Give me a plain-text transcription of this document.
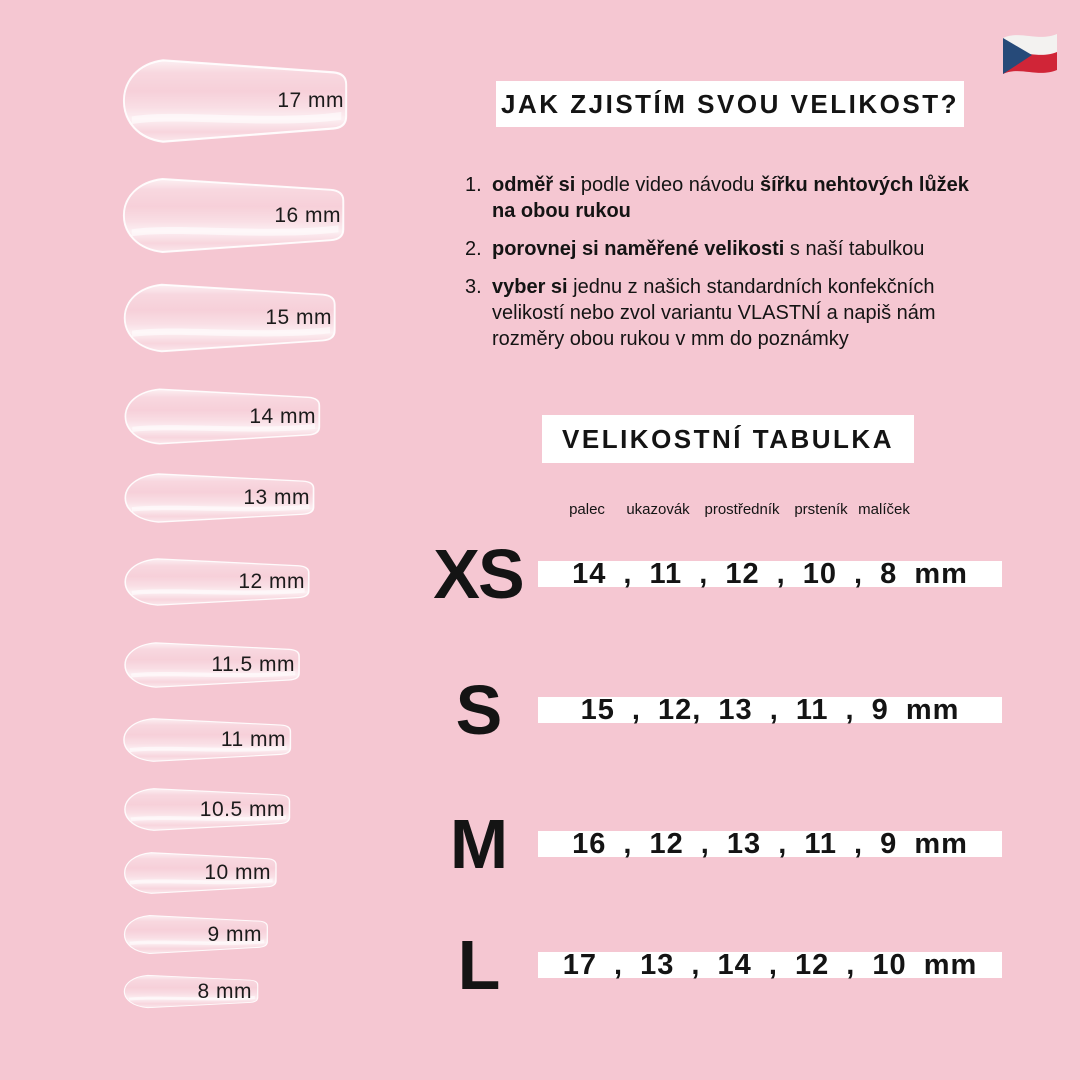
17 mm
16 mm
15 mm
14 mm
13 mm
12 mm
11.5 mm
11 mm
10.5 mm
10 mm
9 mm
8 mm
JAK ZJISTÍM SVOU VELIKOST?
1. odměř si podle video návodu šířku nehtových lůžek na obou rukou
2. porovnej si naměřené velikosti s naší tabulkou
3. vyber si jednu z našich standardních konfekčních velikostí nebo zvol variantu VLASTNÍ a napiš nám rozměry obou rukou v mm do poznámky
VELIKOSTNÍ TABULKA
palec ukazovák prostředník prsteník malíček
XS	14 , 11 , 12 , 10 , 8 mm
S	15 , 12, 13 , 11 , 9 mm
M	16 , 12 , 13 , 11 , 9 mm
L	17 , 13 , 14 , 12 , 10 mm
